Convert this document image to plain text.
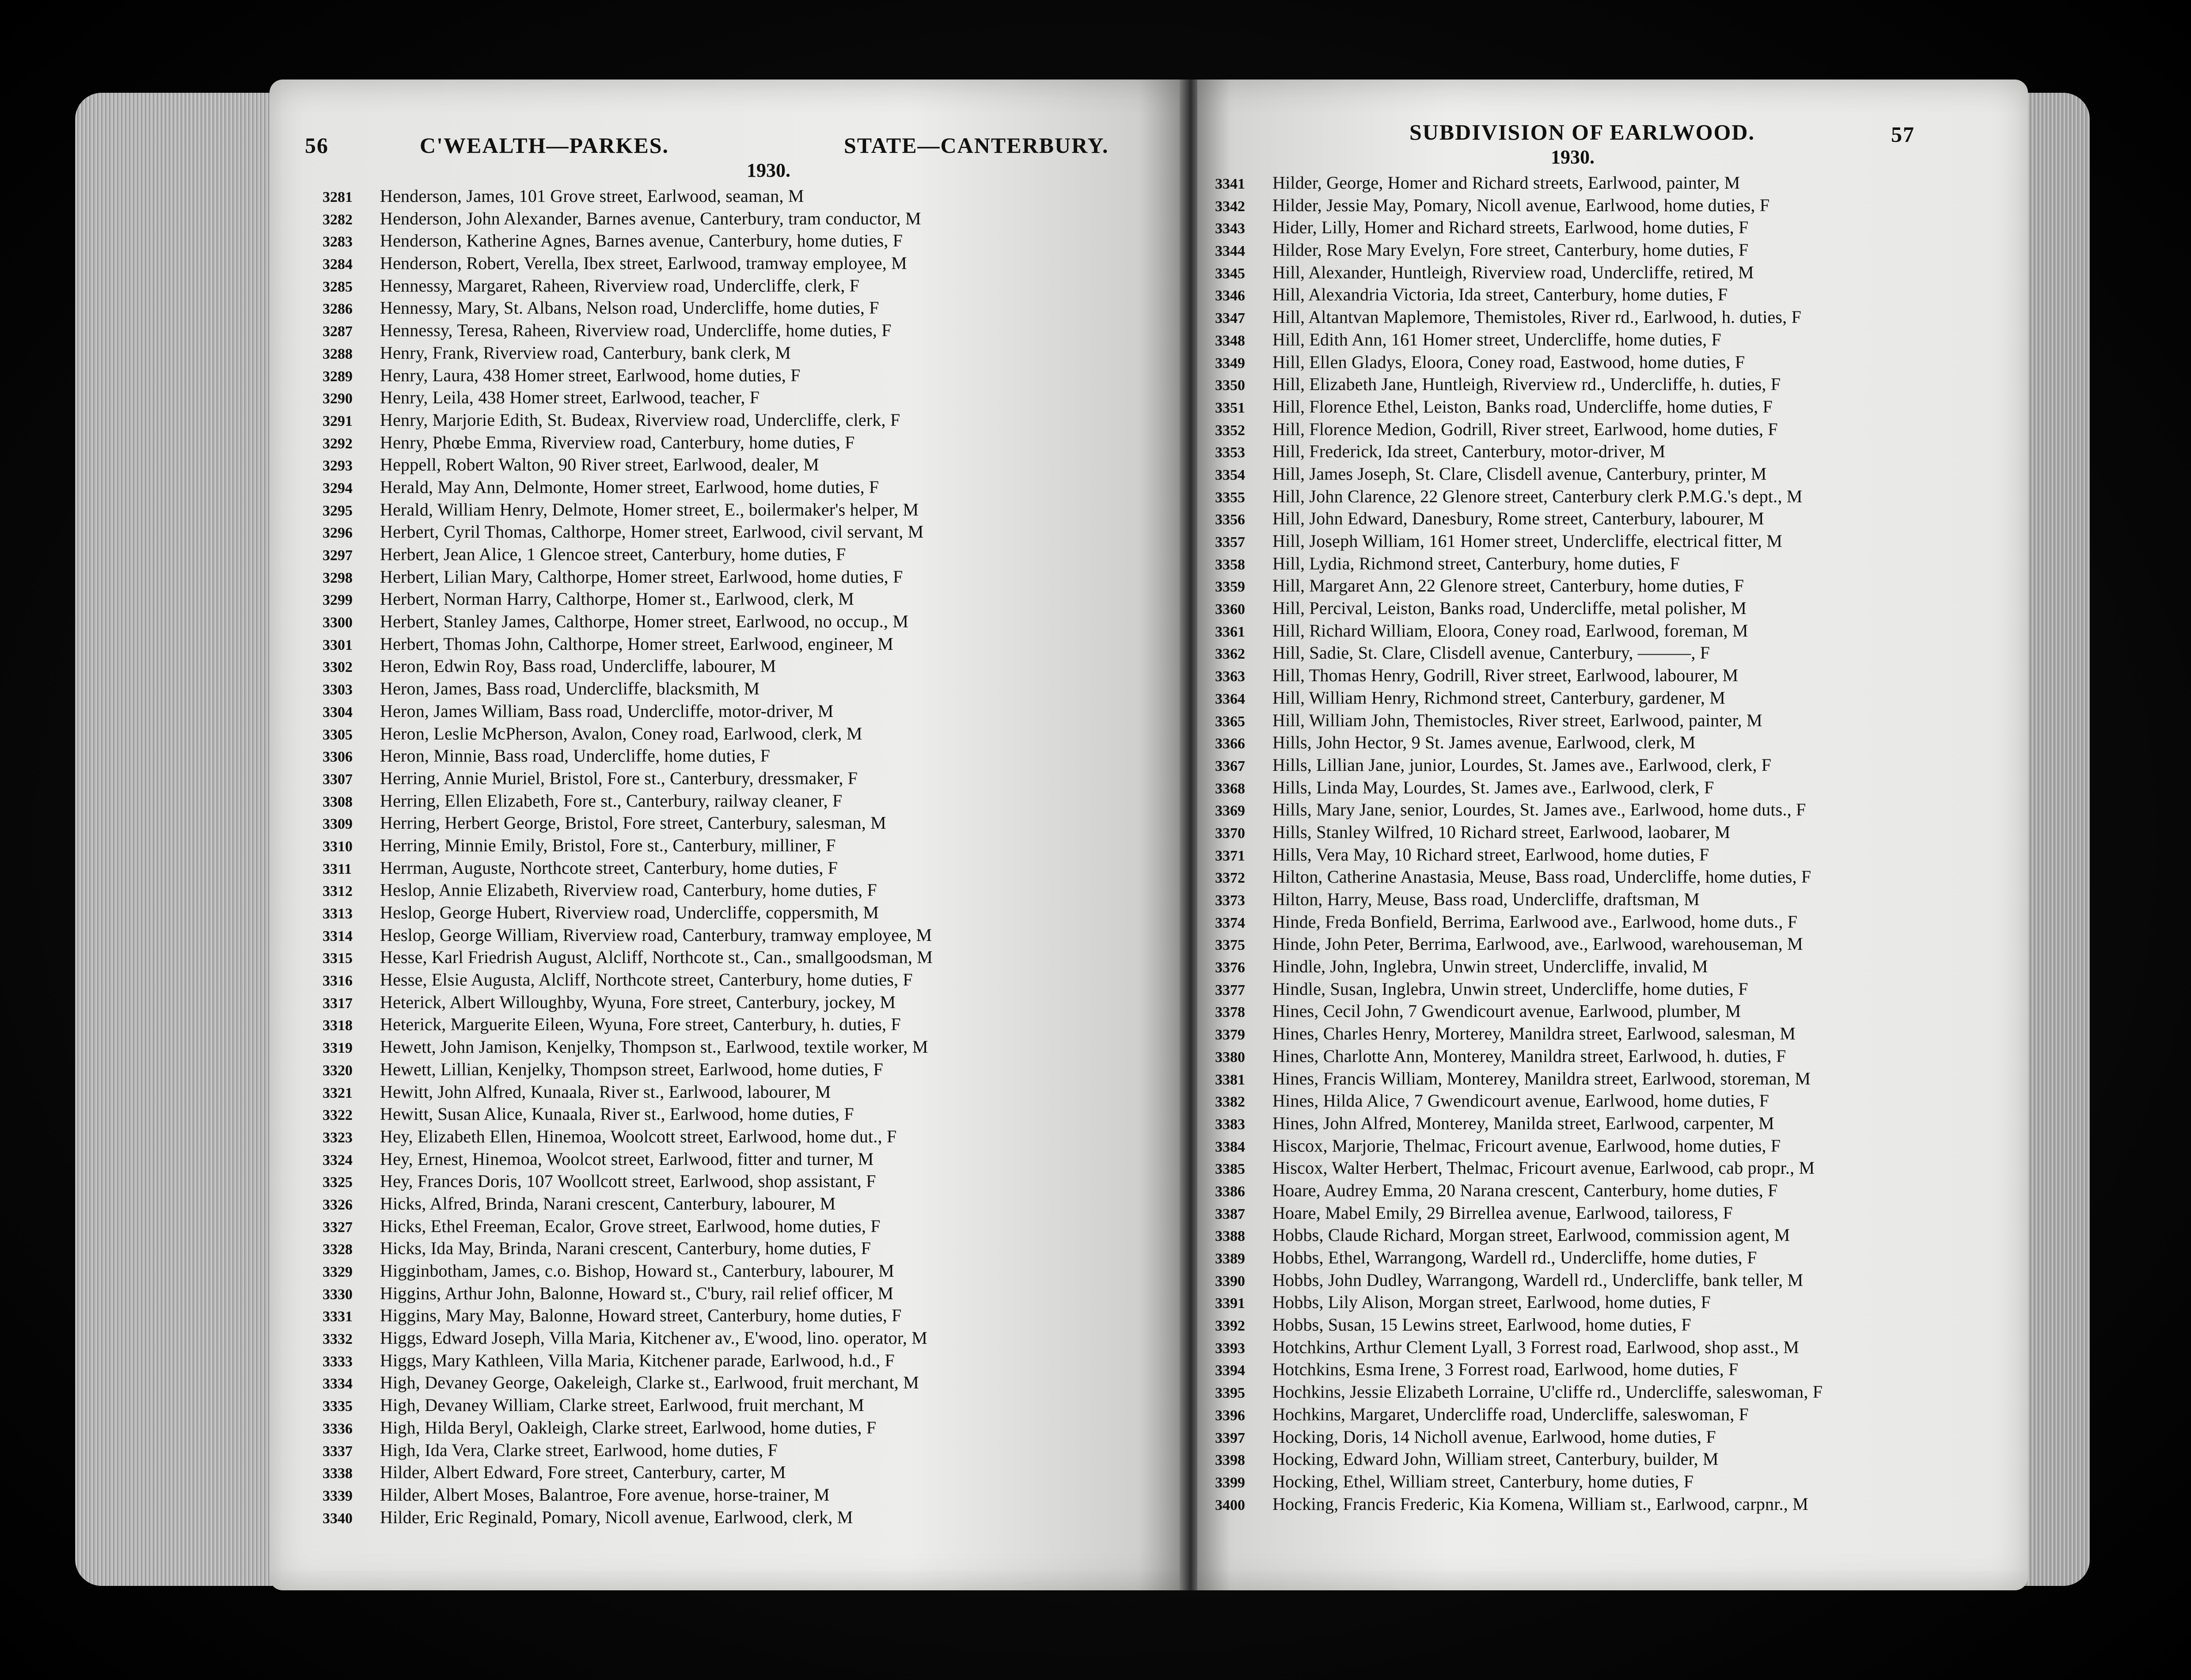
56	C'WEALTH—PARKES.	STATE—CANTERBURY.
1930.
3281	Henderson, James, 101 Grove street, Earlwood, seaman, M
3282	Henderson, John Alexander, Barnes avenue, Canterbury, tram conductor, M
3283	Henderson, Katherine Agnes, Barnes avenue, Canterbury, home duties, F
3284	Henderson, Robert, Verella, Ibex street, Earlwood, tramway employee, M
3285	Hennessy, Margaret, Raheen, Riverview road, Undercliffe, clerk, F
3286	Hennessy, Mary, St. Albans, Nelson road, Undercliffe, home duties, F
3287	Hennessy, Teresa, Raheen, Riverview road, Undercliffe, home duties, F
3288	Henry, Frank, Riverview road, Canterbury, bank clerk, M
3289	Henry, Laura, 438 Homer street, Earlwood, home duties, F
3290	Henry, Leila, 438 Homer street, Earlwood, teacher, F
3291	Henry, Marjorie Edith, St. Budeax, Riverview road, Undercliffe, clerk, F
3292	Henry, Phœbe Emma, Riverview road, Canterbury, home duties, F
3293	Heppell, Robert Walton, 90 River street, Earlwood, dealer, M
3294	Herald, May Ann, Delmonte, Homer street, Earlwood, home duties, F
3295	Herald, William Henry, Delmote, Homer street, E., boilermaker's helper, M
3296	Herbert, Cyril Thomas, Calthorpe, Homer street, Earlwood, civil servant, M
3297	Herbert, Jean Alice, 1 Glencoe street, Canterbury, home duties, F
3298	Herbert, Lilian Mary, Calthorpe, Homer street, Earlwood, home duties, F
3299	Herbert, Norman Harry, Calthorpe, Homer st., Earlwood, clerk, M
3300	Herbert, Stanley James, Calthorpe, Homer street, Earlwood, no occup., M
3301	Herbert, Thomas John, Calthorpe, Homer street, Earlwood, engineer, M
3302	Heron, Edwin Roy, Bass road, Undercliffe, labourer, M
3303	Heron, James, Bass road, Undercliffe, blacksmith, M
3304	Heron, James William, Bass road, Undercliffe, motor-driver, M
3305	Heron, Leslie McPherson, Avalon, Coney road, Earlwood, clerk, M
3306	Heron, Minnie, Bass road, Undercliffe, home duties, F
3307	Herring, Annie Muriel, Bristol, Fore st., Canterbury, dressmaker, F
3308	Herring, Ellen Elizabeth, Fore st., Canterbury, railway cleaner, F
3309	Herring, Herbert George, Bristol, Fore street, Canterbury, salesman, M
3310	Herring, Minnie Emily, Bristol, Fore st., Canterbury, milliner, F
3311	Herrman, Auguste, Northcote street, Canterbury, home duties, F
3312	Heslop, Annie Elizabeth, Riverview road, Canterbury, home duties, F
3313	Heslop, George Hubert, Riverview road, Undercliffe, coppersmith, M
3314	Heslop, George William, Riverview road, Canterbury, tramway employee, M
3315	Hesse, Karl Friedrish August, Alcliff, Northcote st., Can., smallgoodsman, M
3316	Hesse, Elsie Augusta, Alcliff, Northcote street, Canterbury, home duties, F
3317	Heterick, Albert Willoughby, Wyuna, Fore street, Canterbury, jockey, M
3318	Heterick, Marguerite Eileen, Wyuna, Fore street, Canterbury, h. duties, F
3319	Hewett, John Jamison, Kenjelky, Thompson st., Earlwood, textile worker, M
3320	Hewett, Lillian, Kenjelky, Thompson street, Earlwood, home duties, F
3321	Hewitt, John Alfred, Kunaala, River st., Earlwood, labourer, M
3322	Hewitt, Susan Alice, Kunaala, River st., Earlwood, home duties, F
3323	Hey, Elizabeth Ellen, Hinemoa, Woolcott street, Earlwood, home dut., F
3324	Hey, Ernest, Hinemoa, Woolcot street, Earlwood, fitter and turner, M
3325	Hey, Frances Doris, 107 Woollcott street, Earlwood, shop assistant, F
3326	Hicks, Alfred, Brinda, Narani crescent, Canterbury, labourer, M
3327	Hicks, Ethel Freeman, Ecalor, Grove street, Earlwood, home duties, F
3328	Hicks, Ida May, Brinda, Narani crescent, Canterbury, home duties, F
3329	Higginbotham, James, c.o. Bishop, Howard st., Canterbury, labourer, M
3330	Higgins, Arthur John, Balonne, Howard st., C'bury, rail relief officer, M
3331	Higgins, Mary May, Balonne, Howard street, Canterbury, home duties, F
3332	Higgs, Edward Joseph, Villa Maria, Kitchener av., E'wood, lino. operator, M
3333	Higgs, Mary Kathleen, Villa Maria, Kitchener parade, Earlwood, h.d., F
3334	High, Devaney George, Oakeleigh, Clarke st., Earlwood, fruit merchant, M
3335	High, Devaney William, Clarke street, Earlwood, fruit merchant, M
3336	High, Hilda Beryl, Oakleigh, Clarke street, Earlwood, home duties, F
3337	High, Ida Vera, Clarke street, Earlwood, home duties, F
3338	Hilder, Albert Edward, Fore street, Canterbury, carter, M
3339	Hilder, Albert Moses, Balantroe, Fore avenue, horse-trainer, M
3340	Hilder, Eric Reginald, Pomary, Nicoll avenue, Earlwood, clerk, M
SUBDIVISION OF EARLWOOD.	57
1930.
3341	Hilder, George, Homer and Richard streets, Earlwood, painter, M
3342	Hilder, Jessie May, Pomary, Nicoll avenue, Earlwood, home duties, F
3343	Hider, Lilly, Homer and Richard streets, Earlwood, home duties, F
3344	Hilder, Rose Mary Evelyn, Fore street, Canterbury, home duties, F
3345	Hill, Alexander, Huntleigh, Riverview road, Undercliffe, retired, M
3346	Hill, Alexandria Victoria, Ida street, Canterbury, home duties, F
3347	Hill, Altantvan Maplemore, Themistoles, River rd., Earlwood, h. duties, F
3348	Hill, Edith Ann, 161 Homer street, Undercliffe, home duties, F
3349	Hill, Ellen Gladys, Eloora, Coney road, Eastwood, home duties, F
3350	Hill, Elizabeth Jane, Huntleigh, Riverview rd., Undercliffe, h. duties, F
3351	Hill, Florence Ethel, Leiston, Banks road, Undercliffe, home duties, F
3352	Hill, Florence Medion, Godrill, River street, Earlwood, home duties, F
3353	Hill, Frederick, Ida street, Canterbury, motor-driver, M
3354	Hill, James Joseph, St. Clare, Clisdell avenue, Canterbury, printer, M
3355	Hill, John Clarence, 22 Glenore street, Canterbury clerk P.M.G.'s dept., M
3356	Hill, John Edward, Danesbury, Rome street, Canterbury, labourer, M
3357	Hill, Joseph William, 161 Homer street, Undercliffe, electrical fitter, M
3358	Hill, Lydia, Richmond street, Canterbury, home duties, F
3359	Hill, Margaret Ann, 22 Glenore street, Canterbury, home duties, F
3360	Hill, Percival, Leiston, Banks road, Undercliffe, metal polisher, M
3361	Hill, Richard William, Eloora, Coney road, Earlwood, foreman, M
3362	Hill, Sadie, St. Clare, Clisdell avenue, Canterbury, ———, F
3363	Hill, Thomas Henry, Godrill, River street, Earlwood, labourer, M
3364	Hill, William Henry, Richmond street, Canterbury, gardener, M
3365	Hill, William John, Themistocles, River street, Earlwood, painter, M
3366	Hills, John Hector, 9 St. James avenue, Earlwood, clerk, M
3367	Hills, Lillian Jane, junior, Lourdes, St. James ave., Earlwood, clerk, F
3368	Hills, Linda May, Lourdes, St. James ave., Earlwood, clerk, F
3369	Hills, Mary Jane, senior, Lourdes, St. James ave., Earlwood, home duts., F
3370	Hills, Stanley Wilfred, 10 Richard street, Earlwood, laobarer, M
3371	Hills, Vera May, 10 Richard street, Earlwood, home duties, F
3372	Hilton, Catherine Anastasia, Meuse, Bass road, Undercliffe, home duties, F
3373	Hilton, Harry, Meuse, Bass road, Undercliffe, draftsman, M
3374	Hinde, Freda Bonfield, Berrima, Earlwood ave., Earlwood, home duts., F
3375	Hinde, John Peter, Berrima, Earlwood, ave., Earlwood, warehouseman, M
3376	Hindle, John, Inglebra, Unwin street, Undercliffe, invalid, M
3377	Hindle, Susan, Inglebra, Unwin street, Undercliffe, home duties, F
3378	Hines, Cecil John, 7 Gwendicourt avenue, Earlwood, plumber, M
3379	Hines, Charles Henry, Morterey, Manildra street, Earlwood, salesman, M
3380	Hines, Charlotte Ann, Monterey, Manildra street, Earlwood, h. duties, F
3381	Hines, Francis William, Monterey, Manildra street, Earlwood, storeman, M
3382	Hines, Hilda Alice, 7 Gwendicourt avenue, Earlwood, home duties, F
3383	Hines, John Alfred, Monterey, Manilda street, Earlwood, carpenter, M
3384	Hiscox, Marjorie, Thelmac, Fricourt avenue, Earlwood, home duties, F
3385	Hiscox, Walter Herbert, Thelmac, Fricourt avenue, Earlwood, cab propr., M
3386	Hoare, Audrey Emma, 20 Narana crescent, Canterbury, home duties, F
3387	Hoare, Mabel Emily, 29 Birrellea avenue, Earlwood, tailoress, F
3388	Hobbs, Claude Richard, Morgan street, Earlwood, commission agent, M
3389	Hobbs, Ethel, Warrangong, Wardell rd., Undercliffe, home duties, F
3390	Hobbs, John Dudley, Warrangong, Wardell rd., Undercliffe, bank teller, M
3391	Hobbs, Lily Alison, Morgan street, Earlwood, home duties, F
3392	Hobbs, Susan, 15 Lewins street, Earlwood, home duties, F
3393	Hotchkins, Arthur Clement Lyall, 3 Forrest road, Earlwood, shop asst., M
3394	Hotchkins, Esma Irene, 3 Forrest road, Earlwood, home duties, F
3395	Hochkins, Jessie Elizabeth Lorraine, U'cliffe rd., Undercliffe, saleswoman, F
3396	Hochkins, Margaret, Undercliffe road, Undercliffe, saleswoman, F
3397	Hocking, Doris, 14 Nicholl avenue, Earlwood, home duties, F
3398	Hocking, Edward John, William street, Canterbury, builder, M
3399	Hocking, Ethel, William street, Canterbury, home duties, F
3400	Hocking, Francis Frederic, Kia Komena, William st., Earlwood, carpnr., M
